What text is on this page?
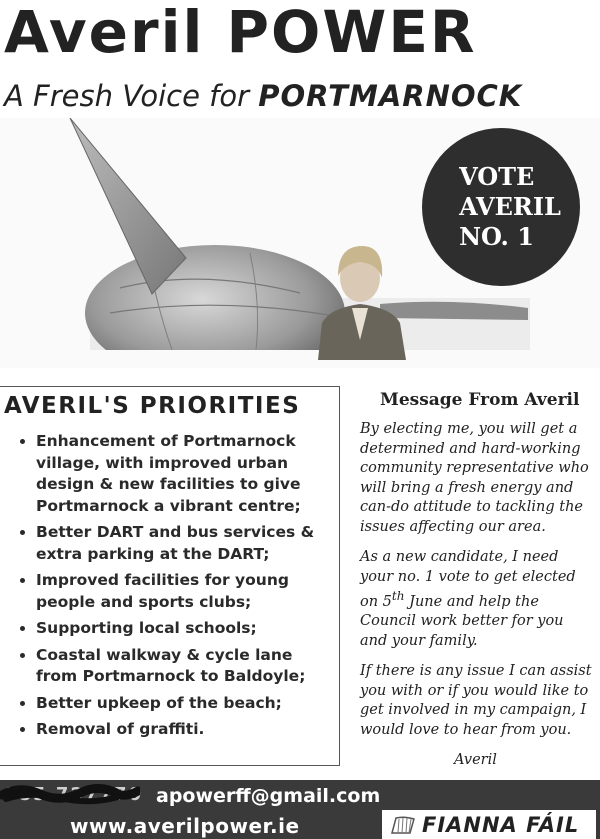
Averil POWER
A Fresh Voice for PORTMARNOCK
VOTE
AVERIL
NO. 1
AVERIL'S PRIORITIES
• Enhancement of Portmarnock village, with improved urban design & new facilities to give Portmarnock a vibrant centre;
• Better DART and bus services & extra parking at the DART;
• Improved facilities for young people and sports clubs;
• Supporting local schools;
• Coastal walkway & cycle lane from Portmarnock to Baldoyle;
• Better upkeep of the beach;
• Removal of graffiti.
Message From Averil

By electing me, you will get a determined and hard-working community representative who will bring a fresh energy and can-do attitude to tackling the issues affecting our area.

As a new candidate, I need your no. 1 vote to get elected on 5th June and help the Council work better for you and your family.

If there is any issue I can assist you with or if you would like to get involved in my campaign, I would love to hear from you.

Averil

085 727770 apowerff@gmail.com
www.averilpower.ie	FIANNA FÁIL
